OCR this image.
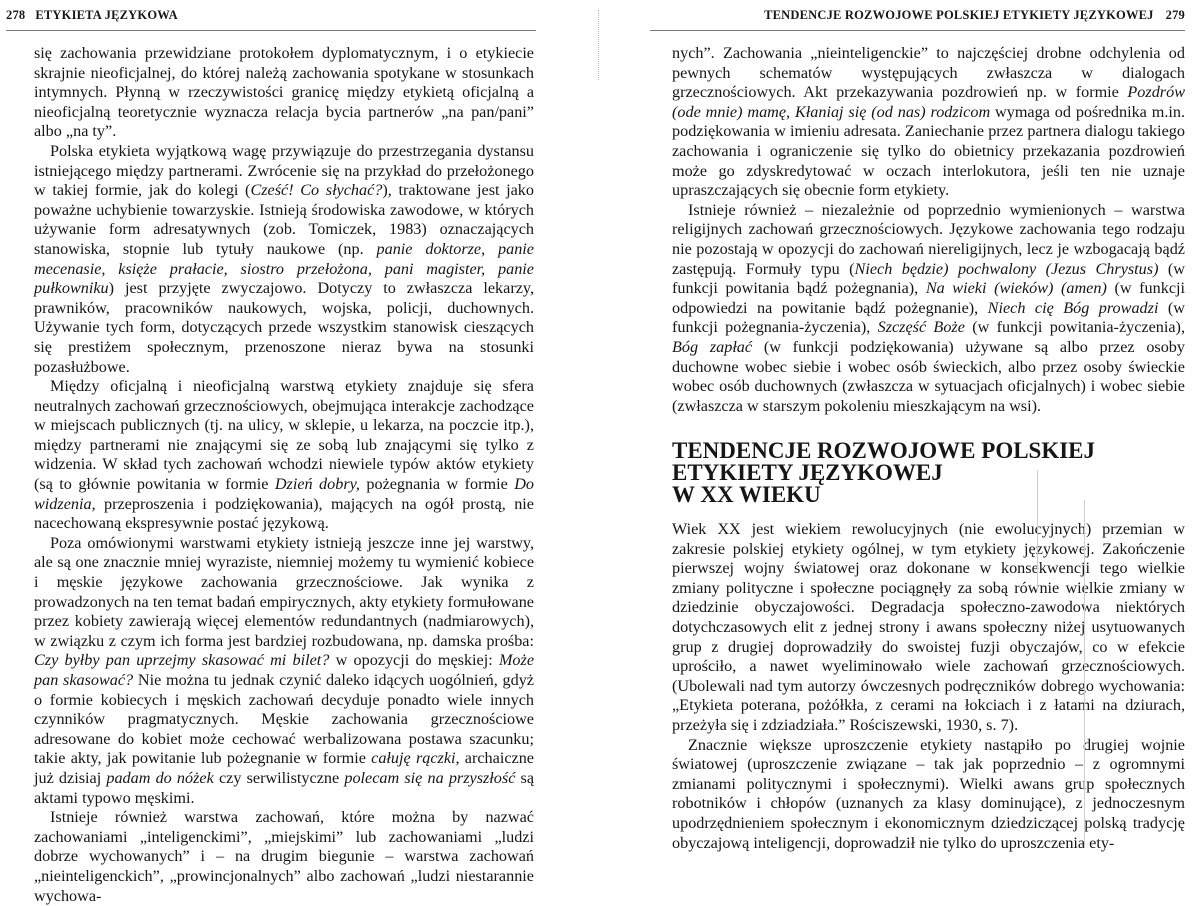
278 ETYKIETA JĘZYKOWA

się zachowania przewidziane protokołem dyplomatycznym, i o etykiecie skrajnie nieoficjalnej, do której należą zachowania spotykane w stosunkach intymnych. Płynną w rzeczywistości granicę między etykietą oficjalną a nieoficjalną teoretycznie wyznacza relacja bycia partnerów „na pan/pani” albo „na ty”.

Polska etykieta wyjątkową wagę przywiązuje do przestrzegania dystansu istniejącego między partnerami. Zwrócenie się na przykład do przełożonego w takiej formie, jak do kolegi (Cześć! Co słychać?), traktowane jest jako poważne uchybienie towarzyskie. Istnieją środowiska zawodowe, w których używanie form adresatywnych (zob. Tomiczek, 1983) oznaczających stanowiska, stopnie lub tytuły naukowe (np. panie doktorze, panie mecenasie, księże prałacie, siostro przełożona, pani magister, panie pułkowniku) jest przyjęte zwyczajowo. Dotyczy to zwłaszcza lekarzy, prawników, pracowników naukowych, wojska, policji, duchownych. Używanie tych form, dotyczących przede wszystkim stanowisk cieszących się prestiżem społecznym, przenoszone nieraz bywa na stosunki pozasłużbowe.

Między oficjalną i nieoficjalną warstwą etykiety znajduje się sfera neutralnych zachowań grzecznościowych, obejmująca interakcje zachodzące w miejscach publicznych (tj. na ulicy, w sklepie, u lekarza, na poczcie itp.), między partnerami nie znającymi się ze sobą lub znającymi się tylko z widzenia. W skład tych zachowań wchodzi niewiele typów aktów etykiety (są to głównie powitania w formie Dzień dobry, pożegnania w formie Do widzenia, przeproszenia i podziękowania), mających na ogół prostą, nie nacechowaną ekspresywnie postać językową.

Poza omówionymi warstwami etykiety istnieją jeszcze inne jej warstwy, ale są one znacznie mniej wyraziste, niemniej możemy tu wymienić kobiece i męskie językowe zachowania grzecznościowe. Jak wynika z prowadzonych na ten temat badań empirycznych, akty etykiety formułowane przez kobiety zawierają więcej elementów redundantnych (nadmiarowych), w związku z czym ich forma jest bardziej rozbudowana, np. damska prośba: Czy byłby pan uprzejmy skasować mi bilet? w opozycji do męskiej: Może pan skasować? Nie można tu jednak czynić daleko idących uogólnień, gdyż o formie kobiecych i męskich zachowań decyduje ponadto wiele innych czynników pragmatycznych. Męskie zachowania grzecznościowe adresowane do kobiet może cechować werbalizowana postawa szacunku; takie akty, jak powitanie lub pożegnanie w formie całuję rączki, archaiczne już dzisiaj padam do nóżek czy serwilistyczne polecam się na przyszłość są aktami typowo męskimi.

Istnieje również warstwa zachowań, które można by nazwać zachowaniami „inteligenckimi”, „miejskimi” lub zachowaniami „ludzi dobrze wychowanych” i – na drugim biegunie – warstwa zachowań „nieinteligenckich”, „prowincjonalnych” albo zachowań „ludzi niestarannie wychowa-

TENDENCJE ROZWOJOWE POLSKIEJ ETYKIETY JĘZYKOWEJ 279

nych”. Zachowania „nieinteligenckie” to najczęściej drobne odchylenia od pewnych schematów występujących zwłaszcza w dialogach grzecznościowych. Akt przekazywania pozdrowień np. w formie Pozdrów (ode mnie) mamę, Kłaniaj się (od nas) rodzicom wymaga od pośrednika m.in. podziękowania w imieniu adresata. Zaniechanie przez partnera dialogu takiego zachowania i ograniczenie się tylko do obietnicy przekazania pozdrowień może go zdyskredytować w oczach interlokutora, jeśli ten nie uznaje upraszczających się obecnie form etykiety.

Istnieje również – niezależnie od poprzednio wymienionych – warstwa religijnych zachowań grzecznościowych. Językowe zachowania tego rodzaju nie pozostają w opozycji do zachowań niereligijnych, lecz je wzbogacają bądź zastępują. Formuły typu (Niech będzie) pochwalony (Jezus Chrystus) (w funkcji powitania bądź pożegnania), Na wieki (wieków) (amen) (w funkcji odpowiedzi na powitanie bądź pożegnanie), Niech cię Bóg prowadzi (w funkcji pożegnania-życzenia), Szczęść Boże (w funkcji powitania-życzenia), Bóg zapłać (w funkcji podziękowania) używane są albo przez osoby duchowne wobec siebie i wobec osób świeckich, albo przez osoby świeckie wobec osób duchownych (zwłaszcza w sytuacjach oficjalnych) i wobec siebie (zwłaszcza w starszym pokoleniu mieszkającym na wsi).

TENDENCJE ROZWOJOWE POLSKIEJ
ETYKIETY JĘZYKOWEJ
W XX WIEKU

Wiek XX jest wiekiem rewolucyjnych (nie ewolucyjnych) przemian w zakresie polskiej etykiety ogólnej, w tym etykiety językowej. Zakończenie pierwszej wojny światowej oraz dokonane w konsekwencji tego wielkie zmiany polityczne i społeczne pociągnęły za sobą równie wielkie zmiany w dziedzinie obyczajowości. Degradacja społeczno-zawodowa niektórych dotychczasowych elit z jednej strony i awans społeczny niżej usytuowanych grup z drugiej doprowadziły do swoistej fuzji obyczajów, co w efekcie uprościło, a nawet wyeliminowało wiele zachowań grzecznościowych. (Ubolewali nad tym autorzy ówczesnych podręczników dobrego wychowania: „Etykieta poterana, pożółkła, z cerami na łokciach i z łatami na dziurach, przeżyła się i zdziadziała.” Rościszewski, 1930, s. 7).

Znacznie większe uproszczenie etykiety nastąpiło po drugiej wojnie światowej (uproszczenie związane – tak jak poprzednio – z ogromnymi zmianami politycznymi i społecznymi). Wielki awans grup społecznych robotników i chłopów (uznanych za klasy dominujące), z jednoczesnym upodrzędnieniem społecznym i ekonomicznym dziedziczącej polską tradycję obyczajową inteligencji, doprowadził nie tylko do uproszczenia ety-
